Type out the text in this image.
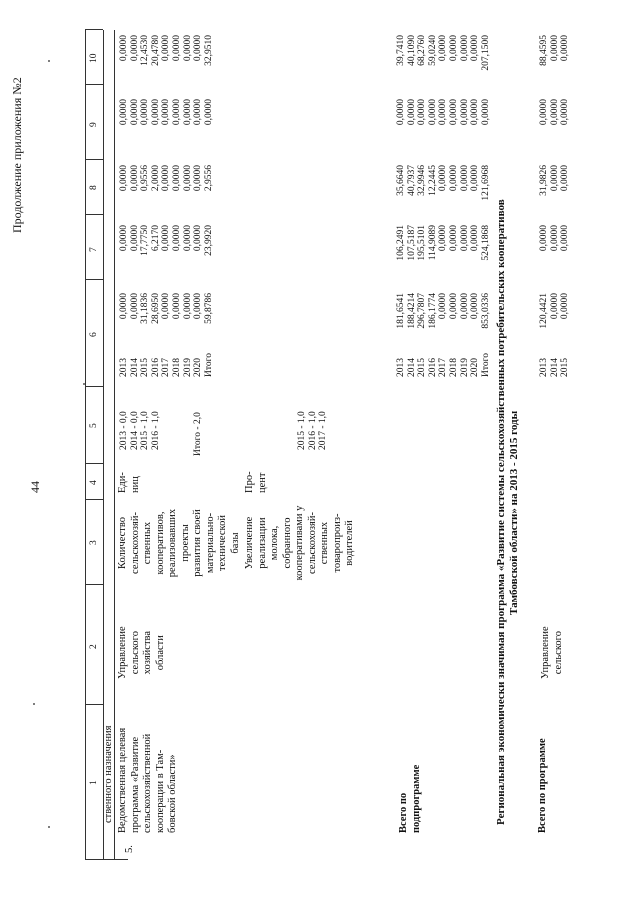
44
Продолжение приложения №2
1
2
3
4
5
6
7
8
9
10
ственного назначения
5.
Ведомственная целевая программа «Развитие сельскохозяйственной кооперации в Там- бовской области»
Управление сельского хозяйства области
Количество сельскохозяй- ственных кооперативов, реализовавших проекты развития своей материально- технической базы
Еди- ниц
2013 - 0,0 2014 - 0,0 2015 - 1,0 2016 - 1,0

	Итого - 2,0
Увеличение реализации молока, собранного кооперативами у сельскохозяй- ственных товаропроиз- водителей
Про- цент
2015 - 1,0 2016 - 1,0 2017 - 1,0
2013 2014 2015 2016 2017 2018 2019 2020 Итого
0,0000 0,0000 31,1836 28,6950 0,0000 0,0000 0,0000 0,0000 59,8786
0,0000 0,0000 17,7750 6,2170 0,0000 0,0000 0,0000 0,0000 23,9920
0,0000 0,0000 0,9556 2,0000 0,0000 0,0000 0,0000 0,0000 2,9556
0,0000 0,0000 0,0000 0,0000 0,0000 0,0000 0,0000 0,0000 0,0000
0,0000 0,0000 12,4530 20,4780 0,0000 0,0000 0,0000 0,0000 32,9510
Всего по подпрограмме
2013 2014 2015 2016 2017 2018 2019 2020 Итого
181,6541 188,4214 296,7807 186,1774 0,0000 0,0000 0,0000 0,0000 853,0336
106,2491 107,5187 195,5101 114,9089 0,0000 0,0000 0,0000 0,0000 524,1868
35,6640 40,7937 32,9946 12,2445 0,0000 0,0000 0,0000 0,0000 121,6968
0,0000 0,0000 0,0000 0,0000 0,0000 0,0000 0,0000 0,0000 0,0000
39,7410 40,1090 68,2760 59,0240 0,0000 0,0000 0,0000 0,0000 207,1500
Региональная экономически значимая программа «Развитие системы сельскохозяйственных потребительских кооперативов Тамбовской области» на 2013 - 2015 годы
Всего по программе
Управление сельского
2013 2014 2015
120,4421 0,0000 0,0000
0,0000 0,0000 0,0000
31,9826 0,0000 0,0000
0,0000 0,0000 0,0000
88,4595 0,0000 0,0000
